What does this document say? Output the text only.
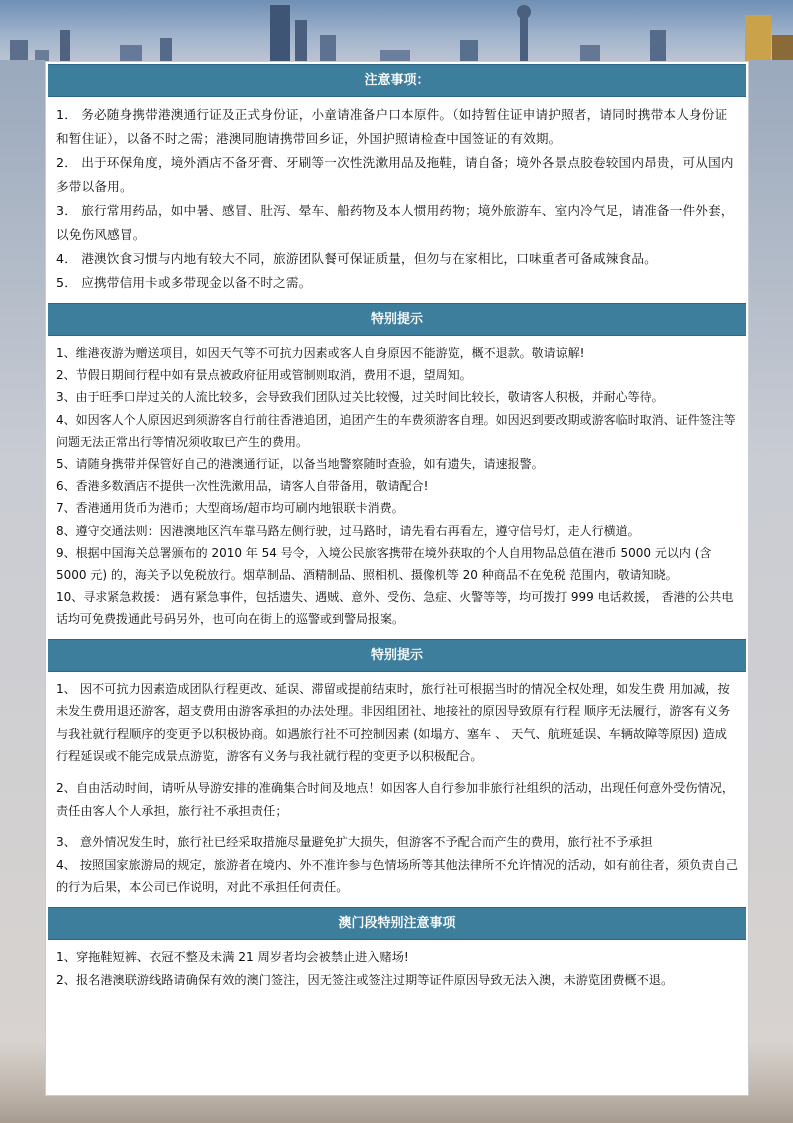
注意事项：

1． 务必随身携带港澳通行证及正式身份证，小童请准备户口本原件。（如持暂住证申请护照者，请同时携带本人身份证和暂住证），以备不时之需；港澳同胞请携带回乡证，外国护照请检查中国签证的有效期。

2． 出于环保角度，境外酒店不备牙膏、牙刷等一次性洗漱用品及拖鞋，请自备；境外各景点胶卷较国内昂贵，可从国内多带以备用。

3． 旅行常用药品，如中暑、感冒、肚泻、晕车、船药物及本人惯用药物；境外旅游车、室内冷气足，请准备一件外套，以免伤风感冒。

4． 港澳饮食习惯与内地有较大不同，旅游团队餐可保证质量，但勿与在家相比，口味重者可备咸辣食品。

5． 应携带信用卡或多带现金以备不时之需。

特别提示

1、维港夜游为赠送项目，如因天气等不可抗力因素或客人自身原因不能游览，概不退款。敬请谅解!

2、节假日期间行程中如有景点被政府征用或管制则取消，费用不退，望周知。

3、由于旺季口岸过关的人流比较多，会导致我们团队过关比较慢，过关时间比较长，敬请客人积极，并耐心等待。

4、如因客人个人原因迟到须游客自行前往香港追团，追团产生的车费须游客自理。如因迟到要改期或游客临时取消、证件签注等问题无法正常出行等情况须收取已产生的费用。

5、请随身携带并保管好自己的港澳通行证，以备当地警察随时查验，如有遗失，请速报警。

6、香港多数酒店不提供一次性洗漱用品，请客人自带备用，敬请配合!

7、香港通用货币为港币；大型商场/超市均可刷内地银联卡消费。

8、遵守交通法则：因港澳地区汽车靠马路左侧行驶，过马路时，请先看右再看左，遵守信号灯，走人行横道。

9、根据中国海关总署颁布的 2010 年 54 号令，入境公民旅客携带在境外获取的个人自用物品总值在港币 5000 元以内 (含 5000 元) 的，海关予以免税放行。烟草制品、酒精制品、照相机、摄像机等 20 种商品不在免税 范围内，敬请知晓。

10、寻求紧急救援： 遇有紧急事件，包括遗失、遇贼、意外、受伤、急症、火警等等，均可拨打 999 电话救援， 香港的公共电话均可免费拨通此号码另外，也可向在街上的巡警或到警局报案。

特别提示

1、 因不可抗力因素造成团队行程更改、延误、滞留或提前结束时，旅行社可根据当时的情况全权处理，如发生费 用加减，按未发生费用退还游客，超支费用由游客承担的办法处理。非因组团社、地接社的原因导致原有行程 顺序无法履行，游客有义务与我社就行程顺序的变更予以积极协商。如遇旅行社不可控制因素 (如塌方、塞车 、 天气、航班延误、车辆故障等原因) 造成行程延误或不能完成景点游览，游客有义务与我社就行程的变更予以积极配合。

2、自由活动时间，请听从导游安排的准确集合时间及地点！如因客人自行参加非旅行社组织的活动，出现任何意外受伤情况，责任由客人个人承担，旅行社不承担责任；

3、 意外情况发生时，旅行社已经采取措施尽量避免扩大损失，但游客不予配合而产生的费用，旅行社不予承担

4、 按照国家旅游局的规定，旅游者在境内、外不准许参与色情场所等其他法律所不允许情况的活动，如有前往者，须负责自己的行为后果，本公司已作说明，对此不承担任何责任。

澳门段特别注意事项

1、穿拖鞋短裤、衣冠不整及未满 21 周岁者均会被禁止进入赌场!

2、报名港澳联游线路请确保有效的澳门签注，因无签注或签注过期等证件原因导致无法入澳，未游览团费概不退。
